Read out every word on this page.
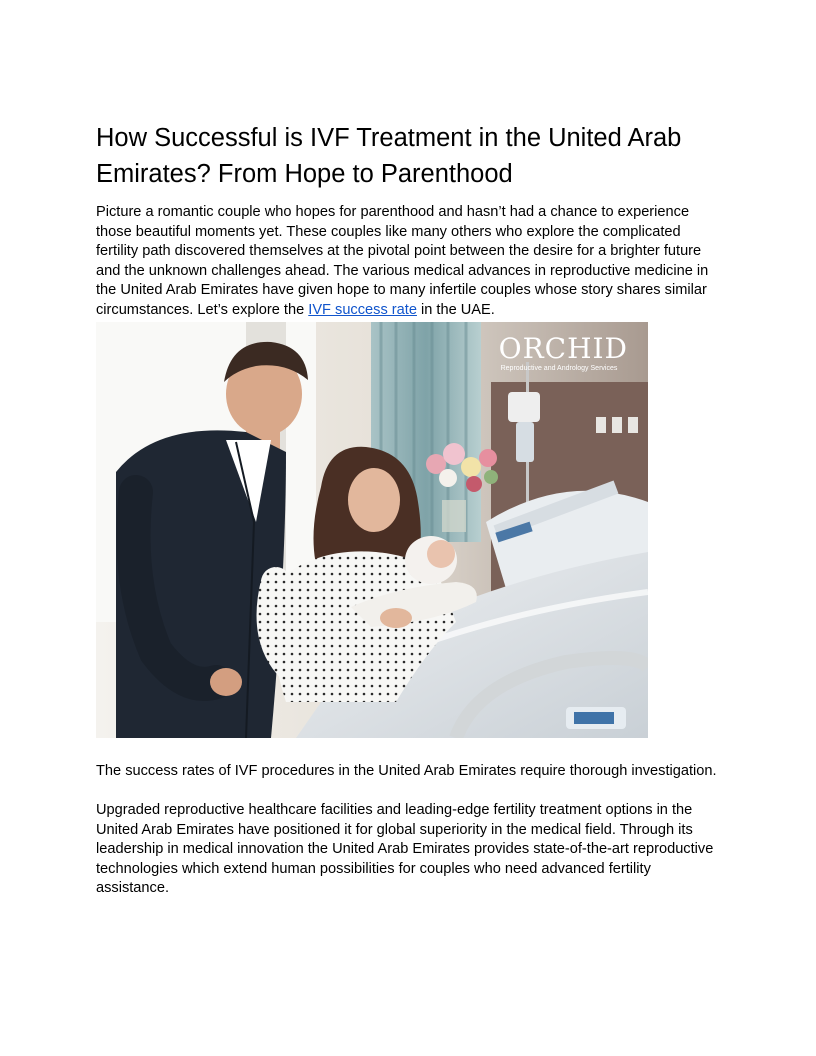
How Successful is IVF Treatment in the United Arab Emirates? From Hope to Parenthood

Picture a romantic couple who hopes for parenthood and hasn’t had a chance to experience those beautiful moments yet. These couples like many others who explore the complicated fertility path discovered themselves at the pivotal point between the desire for a brighter future and the unknown challenges ahead. The various medical advances in reproductive medicine in the United Arab Emirates have given hope to many infertile couples whose story shares similar circumstances. Let’s explore the IVF success rate in the UAE.

ORCHID
Reproductive and Andrology Services

The success rates of IVF procedures in the United Arab Emirates require thorough investigation.

Upgraded reproductive healthcare facilities and leading-edge fertility treatment options in the United Arab Emirates have positioned it for global superiority in the medical field. Through its leadership in medical innovation the United Arab Emirates provides state-of-the-art reproductive technologies which extend human possibilities for couples who need advanced fertility assistance.
